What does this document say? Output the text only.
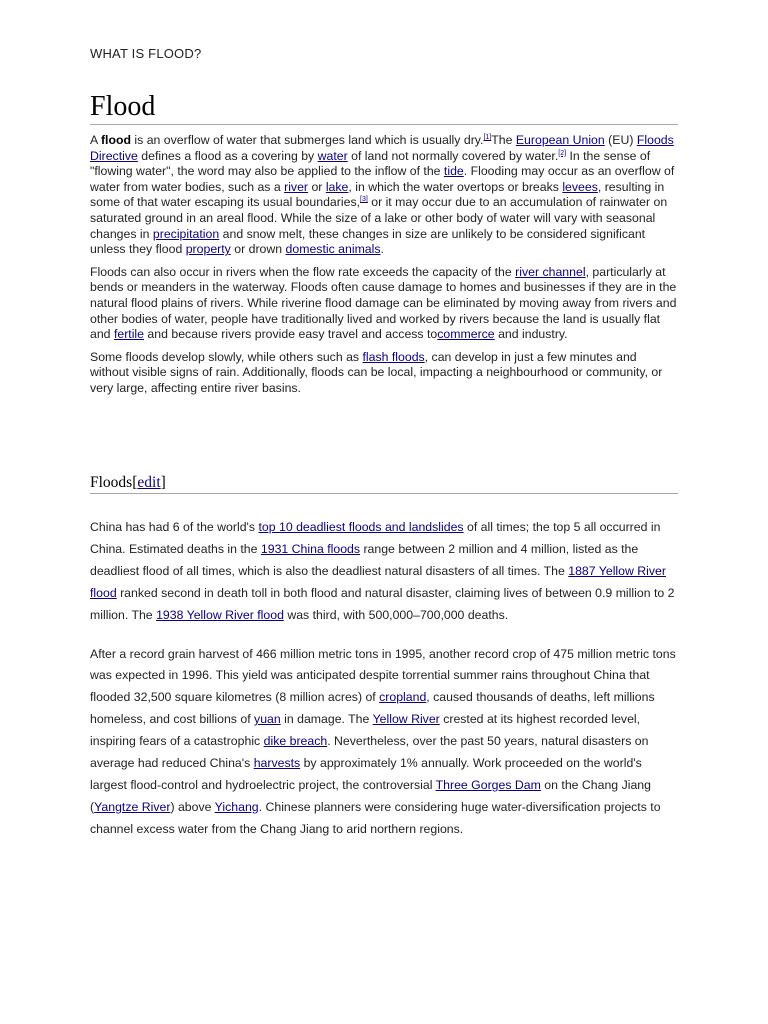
WHAT IS FLOOD?
Flood

A flood is an overflow of water that submerges land which is usually dry.[1]The European Union (EU) Floods Directive defines a flood as a covering by water of land not normally covered by water.[2] In the sense of "flowing water", the word may also be applied to the inflow of the tide. Flooding may occur as an overflow of water from water bodies, such as a river or lake, in which the water overtops or breaks levees, resulting in some of that water escaping its usual boundaries,[3] or it may occur due to an accumulation of rainwater on saturated ground in an areal flood. While the size of a lake or other body of water will vary with seasonal changes in precipitation and snow melt, these changes in size are unlikely to be considered significant unless they flood property or drown domestic animals.

Floods can also occur in rivers when the flow rate exceeds the capacity of the river channel, particularly at bends or meanders in the waterway. Floods often cause damage to homes and businesses if they are in the natural flood plains of rivers. While riverine flood damage can be eliminated by moving away from rivers and other bodies of water, people have traditionally lived and worked by rivers because the land is usually flat and fertile and because rivers provide easy travel and access tocommerce and industry.

Some floods develop slowly, while others such as flash floods, can develop in just a few minutes and without visible signs of rain. Additionally, floods can be local, impacting a neighbourhood or community, or very large, affecting entire river basins.

Floods[edit]

China has had 6 of the world's top 10 deadliest floods and landslides of all times; the top 5 all occurred in China. Estimated deaths in the 1931 China floods range between 2 million and 4 million, listed as the deadliest flood of all times, which is also the deadliest natural disasters of all times. The 1887 Yellow River flood ranked second in death toll in both flood and natural disaster, claiming lives of between 0.9 million to 2 million. The 1938 Yellow River flood was third, with 500,000–700,000 deaths.

After a record grain harvest of 466 million metric tons in 1995, another record crop of 475 million metric tons was expected in 1996. This yield was anticipated despite torrential summer rains throughout China that flooded 32,500 square kilometres (8 million acres) of cropland, caused thousands of deaths, left millions homeless, and cost billions of yuan in damage. The Yellow River crested at its highest recorded level, inspiring fears of a catastrophic dike breach. Nevertheless, over the past 50 years, natural disasters on average had reduced China's harvests by approximately 1% annually. Work proceeded on the world's largest flood-control and hydroelectric project, the controversial Three Gorges Dam on the Chang Jiang (Yangtze River) above Yichang. Chinese planners were considering huge water-diversification projects to channel excess water from the Chang Jiang to arid northern regions.
